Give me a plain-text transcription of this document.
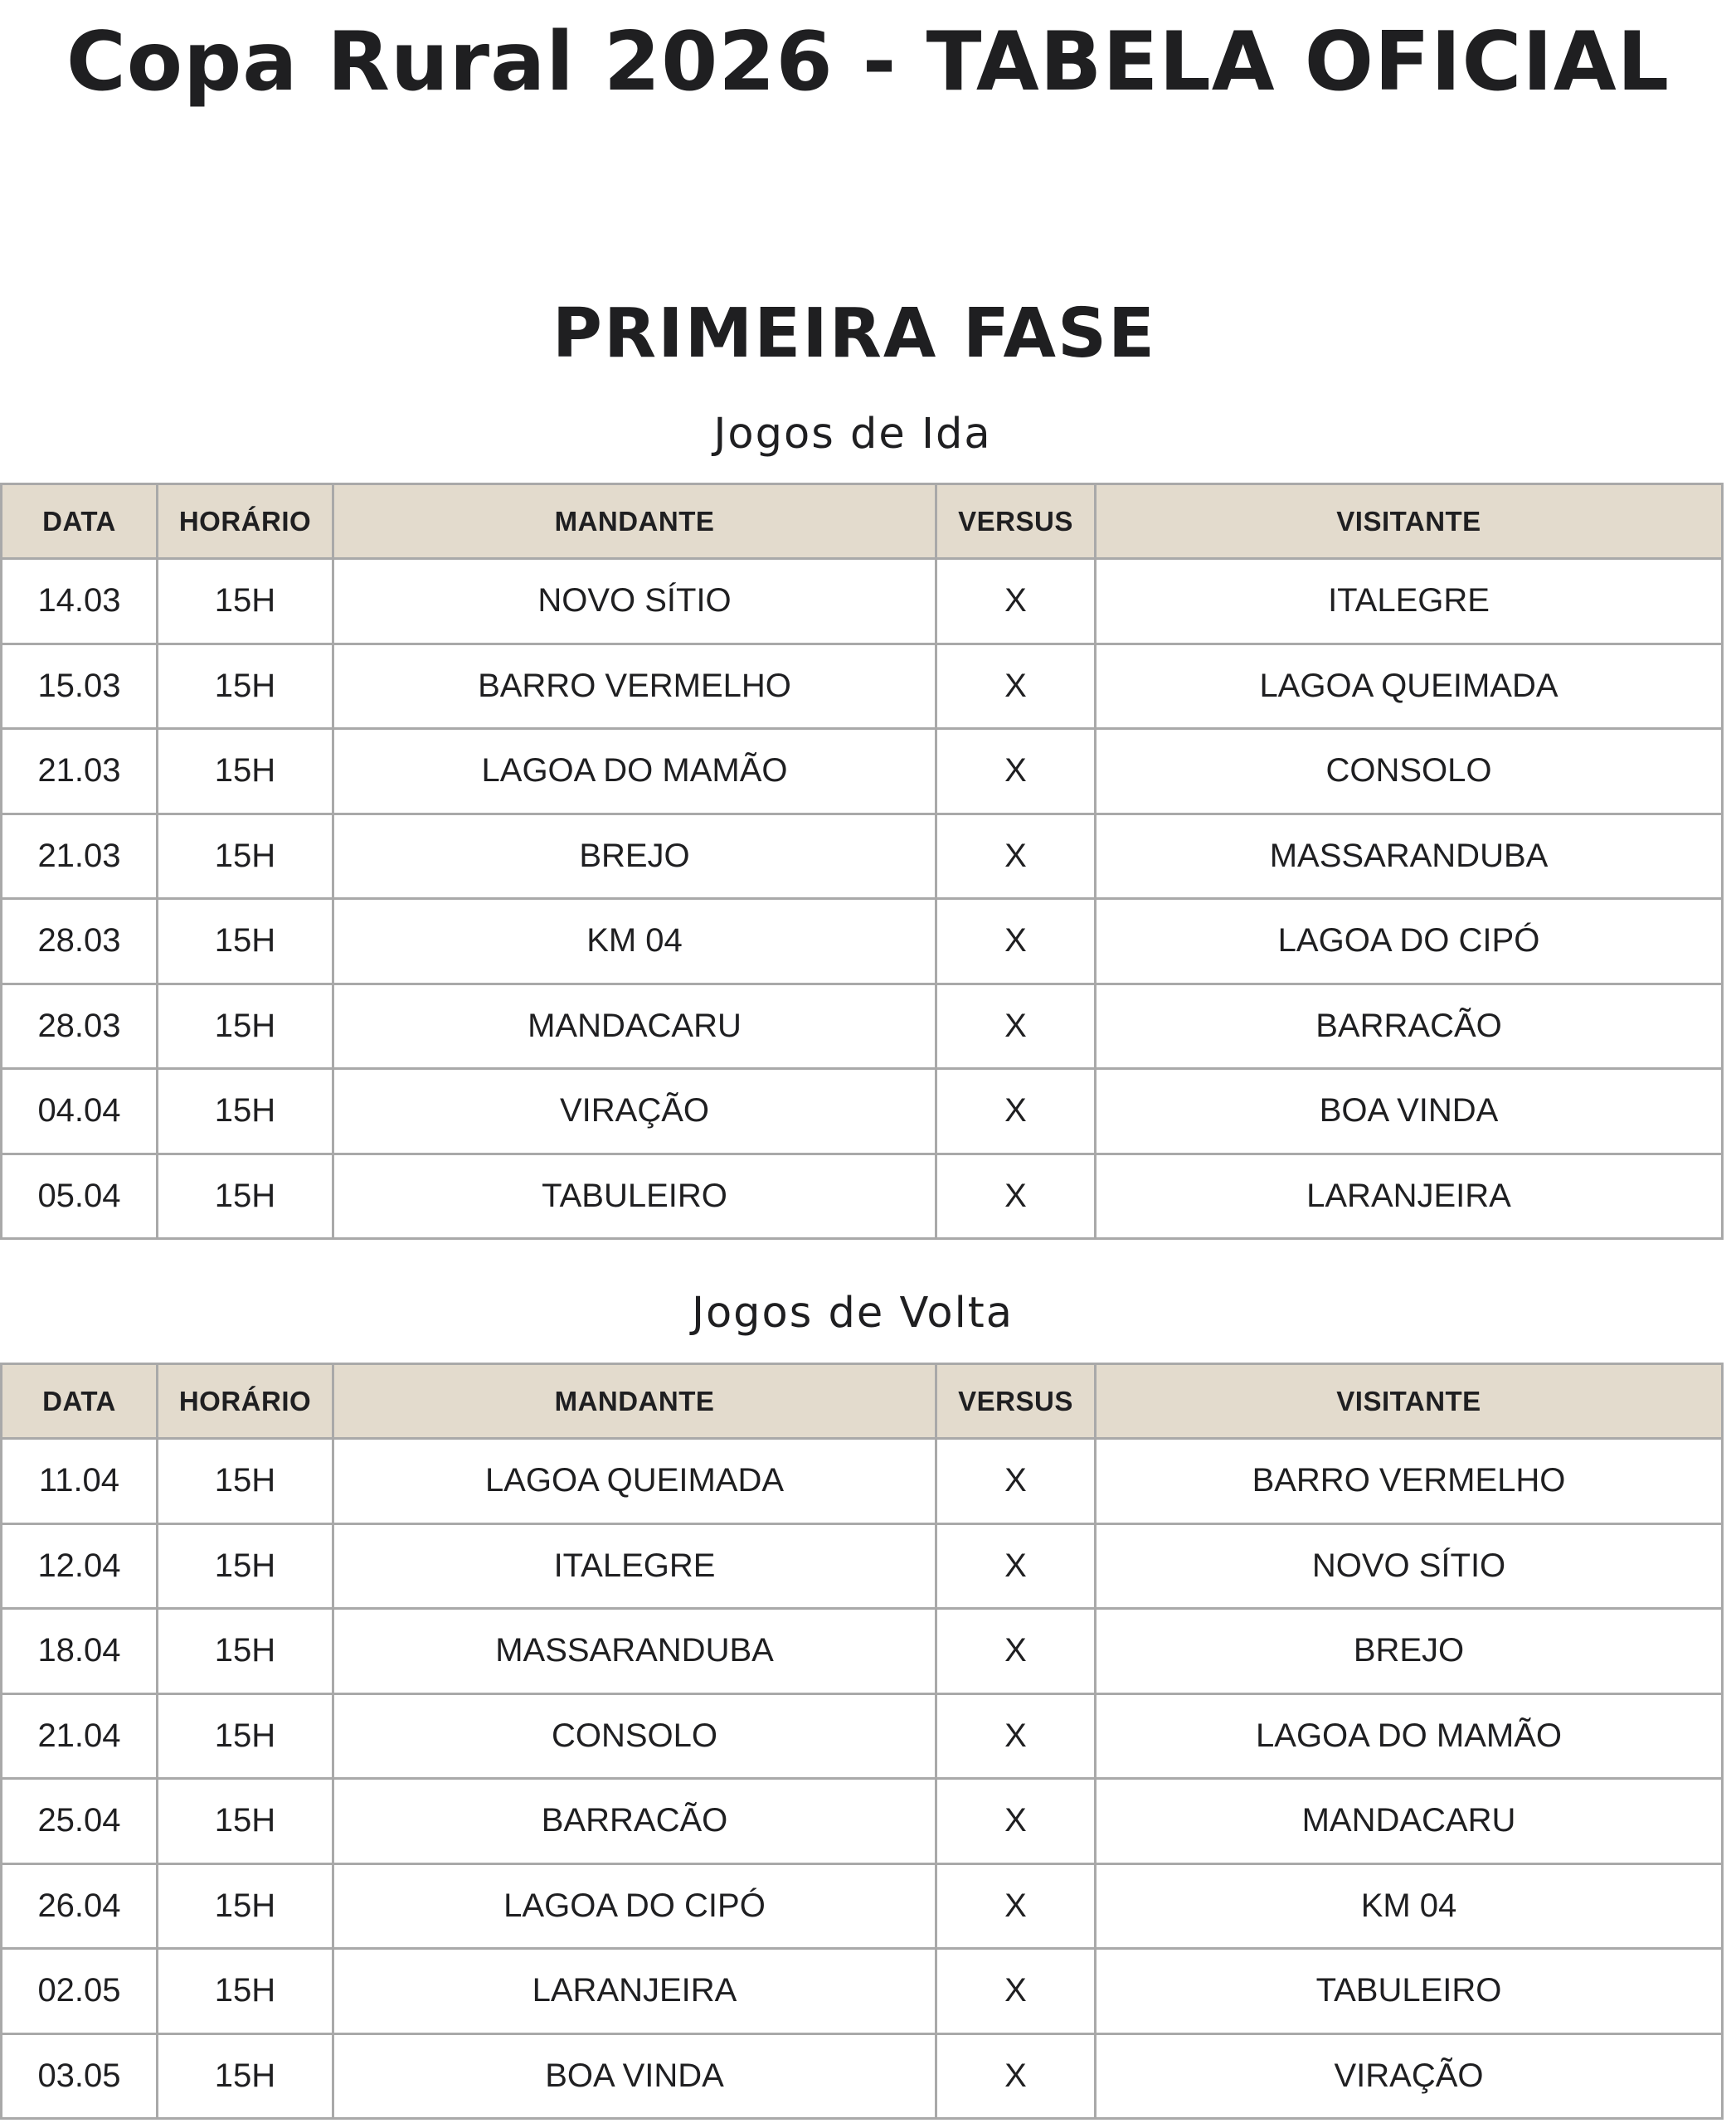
Copa Rural 2026 - TABELA OFICIAL
PRIMEIRA FASE
Jogos de Ida
DATA	HORÁRIO	MANDANTE	VERSUS	VISITANTE
14.03	15H	NOVO SÍTIO	X	ITALEGRE
15.03	15H	BARRO VERMELHO	X	LAGOA QUEIMADA
21.03	15H	LAGOA DO MAMÃO	X	CONSOLO
21.03	15H	BREJO	X	MASSARANDUBA
28.03	15H	KM 04	X	LAGOA DO CIPÓ
28.03	15H	MANDACARU	X	BARRACÃO
04.04	15H	VIRAÇÃO	X	BOA VINDA
05.04	15H	TABULEIRO	X	LARANJEIRA
Jogos de Volta
DATA	HORÁRIO	MANDANTE	VERSUS	VISITANTE
11.04	15H	LAGOA QUEIMADA	X	BARRO VERMELHO
12.04	15H	ITALEGRE	X	NOVO SÍTIO
18.04	15H	MASSARANDUBA	X	BREJO
21.04	15H	CONSOLO	X	LAGOA DO MAMÃO
25.04	15H	BARRACÃO	X	MANDACARU
26.04	15H	LAGOA DO CIPÓ	X	KM 04
02.05	15H	LARANJEIRA	X	TABULEIRO
03.05	15H	BOA VINDA	X	VIRAÇÃO
